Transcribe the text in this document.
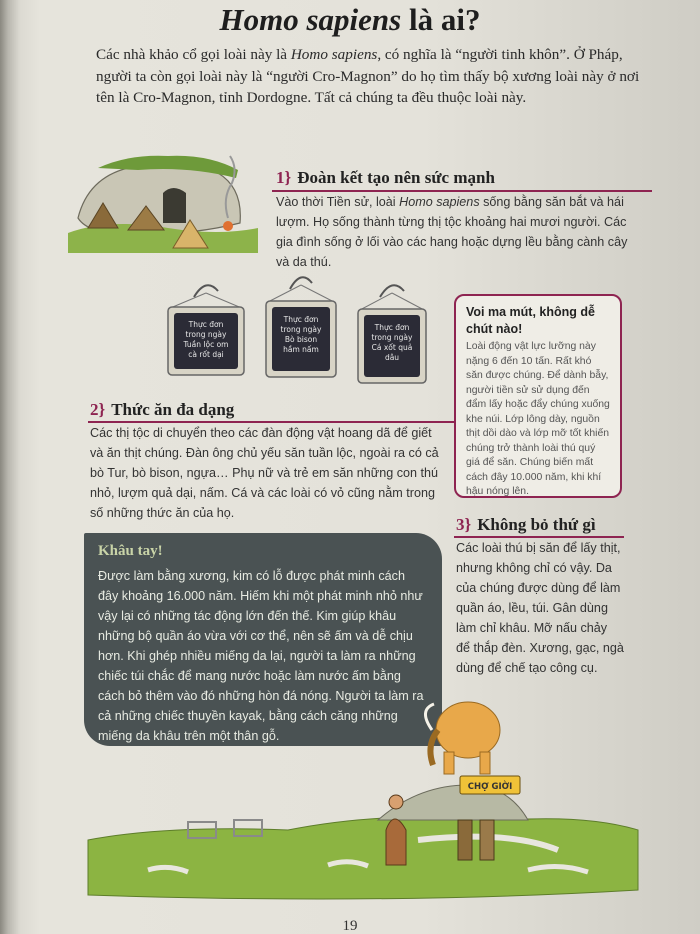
Homo sapiens là ai?
Các nhà khảo cổ gọi loài này là Homo sapiens, có nghĩa là “người tinh khôn”. Ở Pháp, người ta còn gọi loài này là “người Cro-Magnon” do họ tìm thấy bộ xương loài này ở nơi tên là Cro-Magnon, tỉnh Dordogne. Tất cả chúng ta đều thuộc loài này.
1} Đoàn kết tạo nên sức mạnh
Vào thời Tiền sử, loài Homo sapiens sống bằng săn bắt và hái lượm. Họ sống thành từng thị tộc khoảng hai mươi người. Các gia đình sống ở lối vào các hang hoặc dựng lều bằng cành cây và da thú.
Thực đơn
trong ngày
Tuần lộc om
cà rốt dại
Thực đơn
trong ngày
Bò bison
hầm nấm
Thực đơn
trong ngày
Cá xốt quả
dâu
Voi ma mút, không dễ chút nào!
Loài động vật lực lưỡng này nặng 6 đến 10 tấn. Rất khó săn được chúng. Để dành bẫy, người tiền sử sử dụng đến đẩm lấy hoặc đẩy chúng xuống khe núi. Lớp lông dày, nguồn thịt dồi dào và lớp mỡ tốt khiến chúng trở thành loài thú quý giá để săn. Chúng biến mất cách đây 10.000 năm, khi khí hậu nóng lên.
2} Thức ăn đa dạng
Các thị tộc di chuyển theo các đàn động vật hoang dã để giết và ăn thịt chúng. Đàn ông chủ yếu săn tuần lộc, ngoài ra có cả bò Tur, bò bison, ngựa… Phụ nữ và trẻ em săn những con thú nhỏ, lượm quả dại, nấm. Cá và các loài có vỏ cũng nằm trong số những thức ăn của họ.
3} Không bỏ thứ gì
Các loài thú bị săn để lấy thịt, nhưng không chỉ có vậy. Da của chúng được dùng để làm quần áo, lều, túi. Gân dùng làm chỉ khâu. Mỡ nấu chảy để thắp đèn. Xương, gạc, ngà dùng để chế tạo công cụ.
Khâu tay!
Được làm bằng xương, kim có lỗ được phát minh cách đây khoảng 16.000 năm. Hiếm khi một phát minh nhỏ như vậy lại có những tác động lớn đến thế. Kim giúp khâu những bộ quần áo vừa với cơ thể, nên sẽ ấm và dễ chịu hơn. Khi ghép nhiều miếng da lại, người ta làm ra những chiếc túi chắc để mang nước hoặc làm nước ấm bằng cách bỏ thêm vào đó những hòn đá nóng. Người ta làm ra cả những chiếc thuyền kayak, bằng cách căng những miếng da khâu trên một thân gỗ.
CHỢ GIỜI
19
